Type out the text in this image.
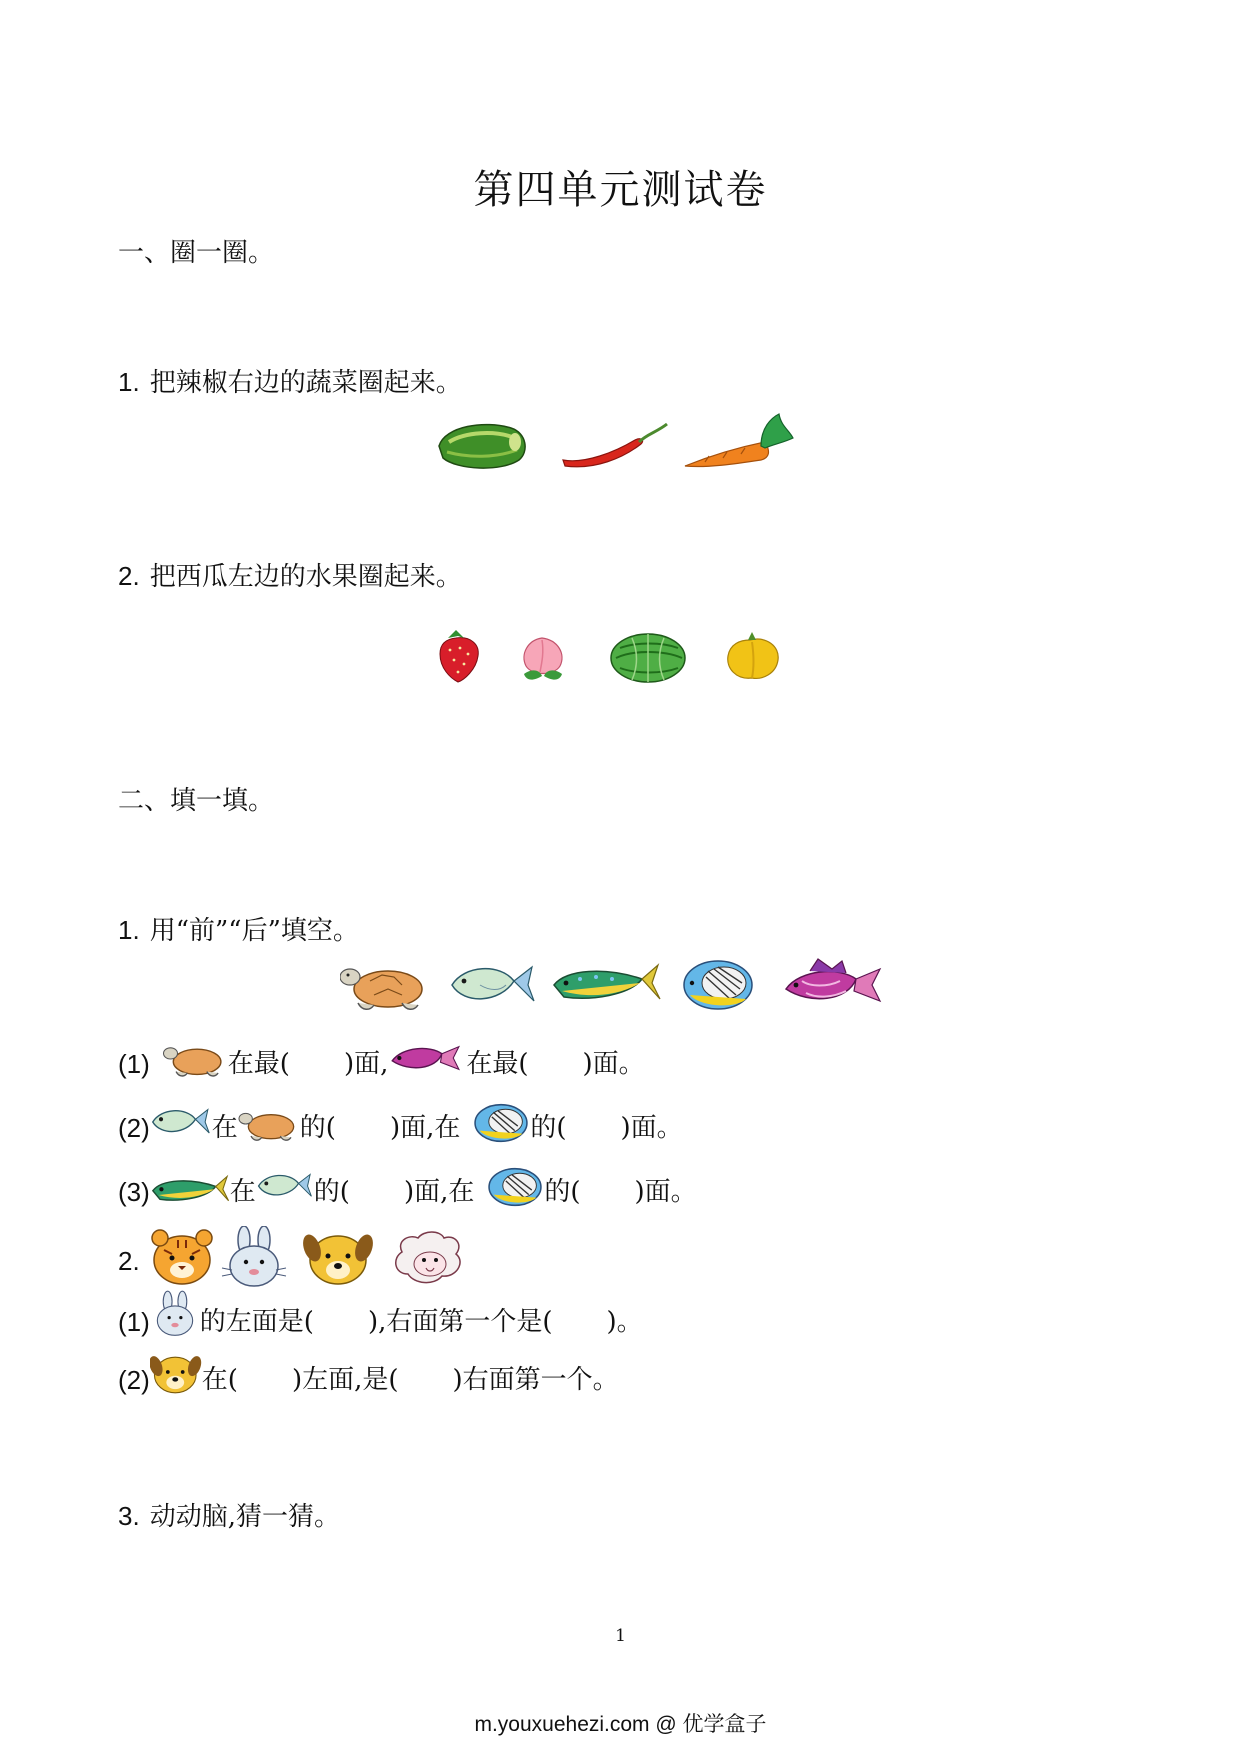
第四单元测试卷
一、圈一圈。
1. 把辣椒右边的蔬菜圈起来。
2. 把西瓜左边的水果圈起来。
二、填一填。
1. 用“前”“后”填空。
(1)	在最( )面,	在最( )面。
(2) 在 的( )面,在	的( )面。
(3)	在 的( )面,在	的( )面。
2.
(1) 的左面是( ),右面第一个是( )。
(2) 在( )左面,是( )右面第一个。
3. 动动脑,猜一猜。
1
m.youxuehezi.com @ 优学盒子
